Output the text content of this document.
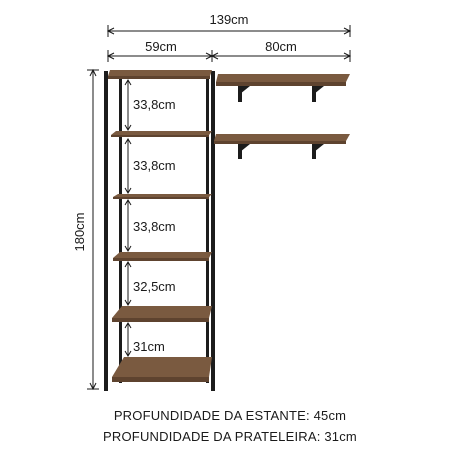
139cm
59cm	80cm
180cm
33,8cm
33,8cm
33,8cm
32,5cm
31cm
PROFUNDIDADE DA ESTANTE: 45cm
PROFUNDIDADE DA PRATELEIRA: 31cm
